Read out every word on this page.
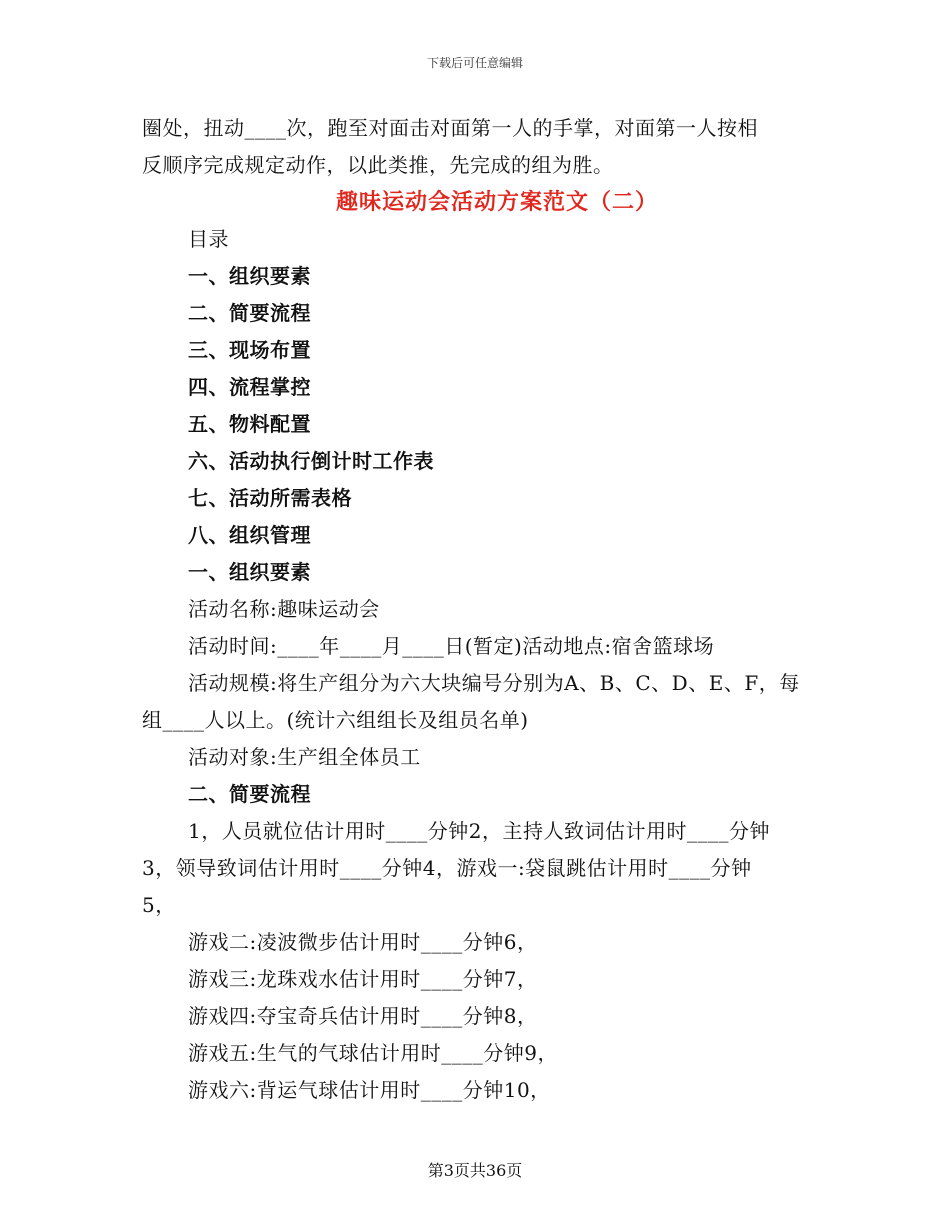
下载后可任意编辑
圈处，扭动____次，跑至对面击对面第一人的手掌，对面第一人按相
反顺序完成规定动作，以此类推，先完成的组为胜。
趣味运动会活动方案范文（二）
目录
一、组织要素
二、简要流程
三、现场布置
四、流程掌控
五、物料配置
六、活动执行倒计时工作表
七、活动所需表格
八、组织管理
一、组织要素
活动名称:趣味运动会
活动时间:____年____月____日(暂定)活动地点:宿舍篮球场
活动规模:将生产组分为六大块编号分别为A、B、C、D、E、F，每
组____人以上。(统计六组组长及组员名单)
活动对象:生产组全体员工
二、简要流程
1，人员就位估计用时____分钟2，主持人致词估计用时____分钟
3，领导致词估计用时____分钟4，游戏一:袋鼠跳估计用时____分钟
5，
游戏二:凌波微步估计用时____分钟6，
游戏三:龙珠戏水估计用时____分钟7，
游戏四:夺宝奇兵估计用时____分钟8，
游戏五:生气的气球估计用时____分钟9，
游戏六:背运气球估计用时____分钟10，
第3页共36页
